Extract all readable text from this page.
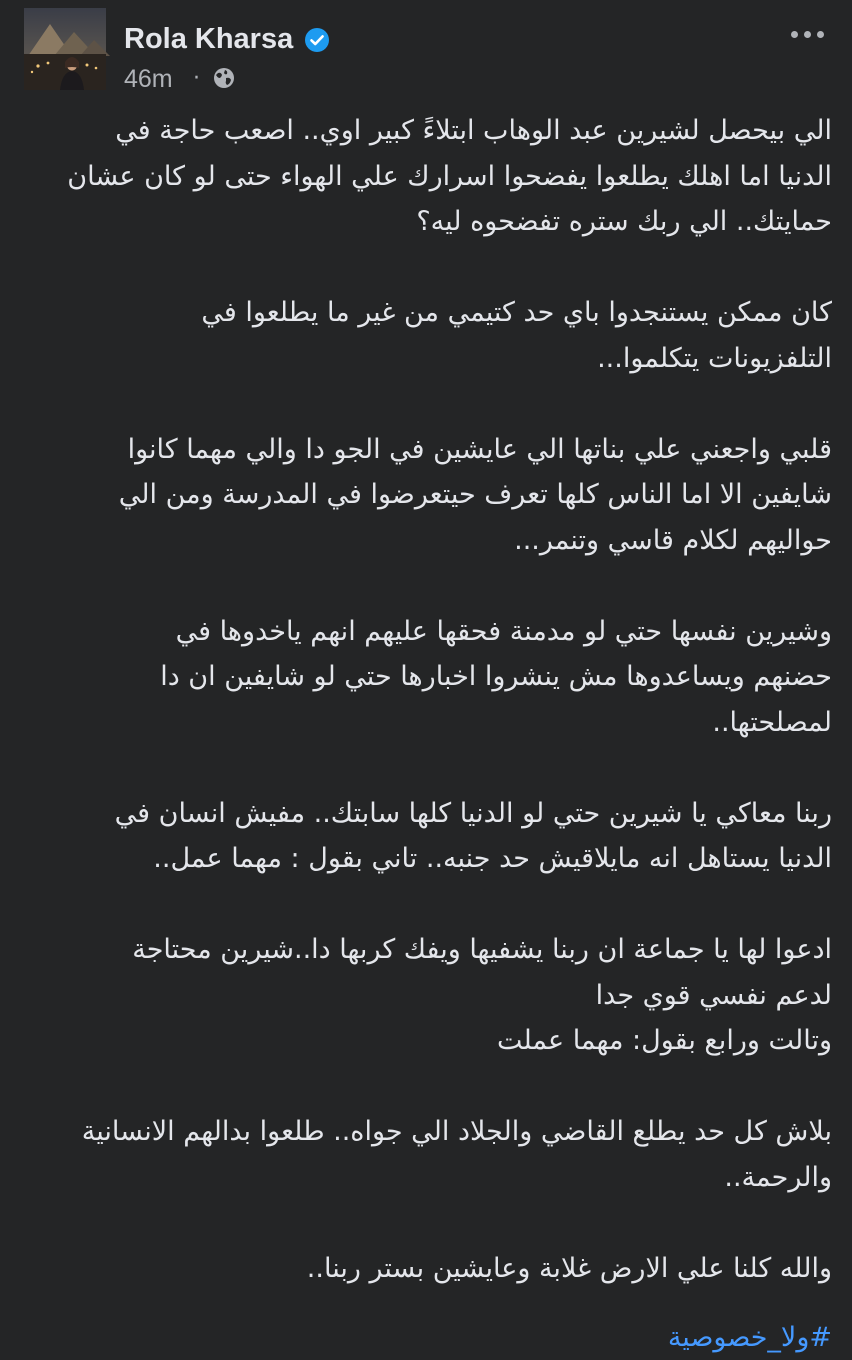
Rola Kharsa
46m ·
الي بيحصل لشيرين عبد الوهاب ابتلاءً كبير اوي.. اصعب حاجة في
الدنيا اما اهلك يطلعوا يفضحوا اسرارك علي الهواء حتى لو كان عشان
حمايتك.. الي ربك ستره تفضحوه ليه؟
كان ممكن يستنجدوا باي حد كتيمي من غير ما يطلعوا في
التلفزيونات يتكلموا...
قلبي واجعني علي بناتها الي عايشين في الجو دا والي مهما كانوا
شايفين الا اما الناس كلها تعرف حيتعرضوا في المدرسة ومن الي
حواليهم لكلام قاسي وتنمر...
وشيرين نفسها حتي لو مدمنة فحقها عليهم انهم ياخدوها في
حضنهم ويساعدوها مش ينشروا اخبارها حتي لو شايفين ان دا
لمصلحتها..
ربنا معاكي يا شيرين حتي لو الدنيا كلها سابتك.. مفيش انسان في
الدنيا يستاهل انه مايلاقيش حد جنبه.. تاني بقول : مهما عمل..
ادعوا لها يا جماعة ان ربنا يشفيها ويفك كربها دا..شيرين محتاجة
لدعم نفسي قوي جدا
وتالت ورابع بقول: مهما عملت
بلاش كل حد يطلع القاضي والجلاد الي جواه.. طلعوا بدالهم الانسانية
والرحمة..
والله كلنا علي الارض غلابة وعايشين بستر ربنا..
#ولا_خصوصية
